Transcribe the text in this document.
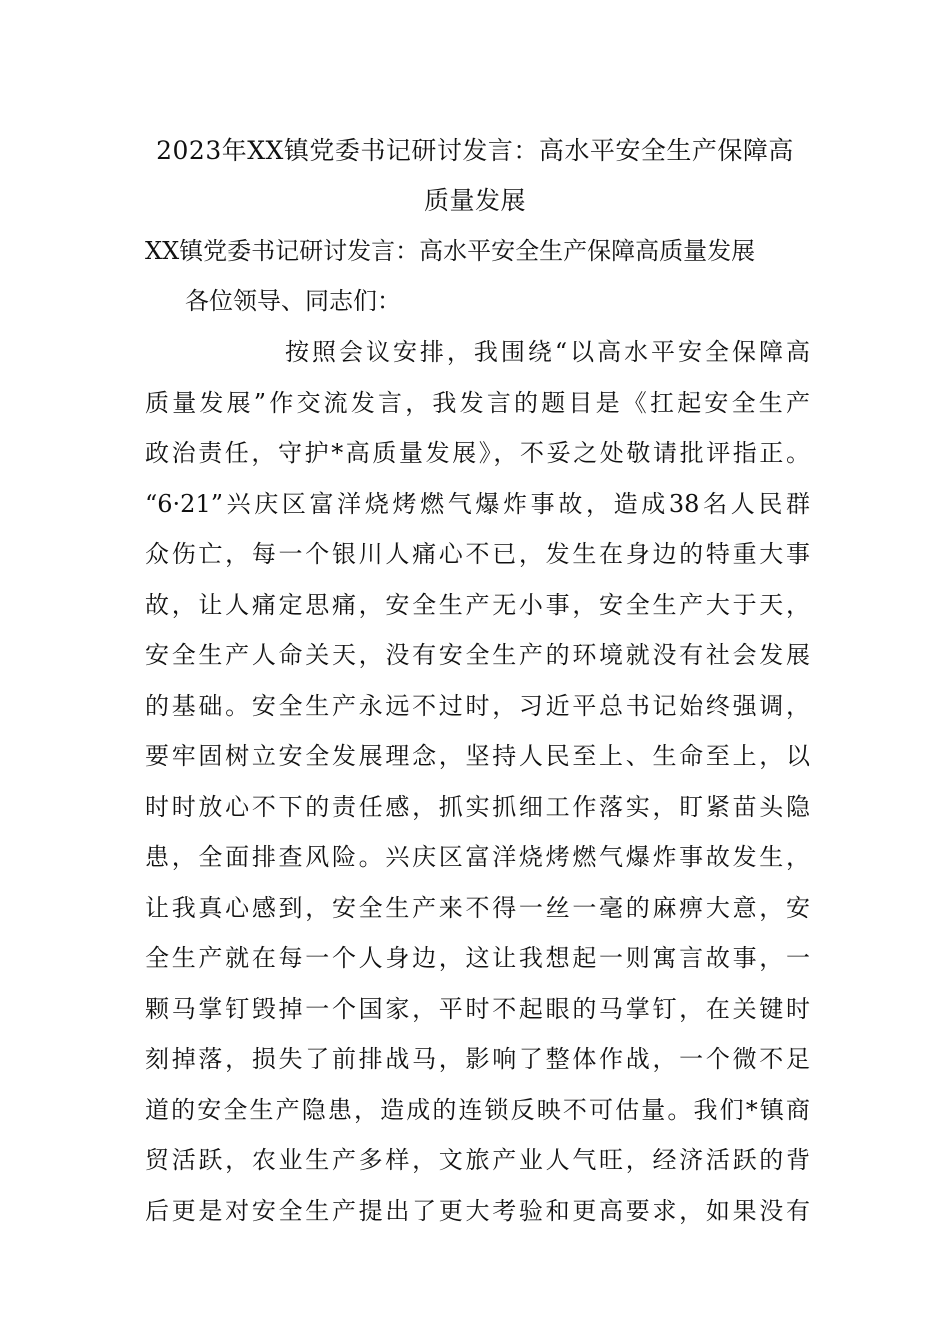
2023年XX镇党委书记研讨发言：高水平安全生产保障高
质量发展
XX镇党委书记研讨发言：高水平安全生产保障高质量发展
各位领导、同志们：
按照会议安排，我围绕“以高水平安全保障高
质量发展”作交流发言，我发言的题目是《扛起安全生产
政治责任，守护*高质量发展》，不妥之处敬请批评指正。
“6·21”兴庆区富洋烧烤燃气爆炸事故，造成38名人民群
众伤亡，每一个银川人痛心不已，发生在身边的特重大事
故，让人痛定思痛，安全生产无小事，安全生产大于天，
安全生产人命关天，没有安全生产的环境就没有社会发展
的基础。安全生产永远不过时，习近平总书记始终强调，
要牢固树立安全发展理念，坚持人民至上、生命至上，以
时时放心不下的责任感，抓实抓细工作落实，盯紧苗头隐
患，全面排查风险。兴庆区富洋烧烤燃气爆炸事故发生，
让我真心感到，安全生产来不得一丝一毫的麻痹大意，安
全生产就在每一个人身边，这让我想起一则寓言故事，一
颗马掌钉毁掉一个国家，平时不起眼的马掌钉，在关键时
刻掉落，损失了前排战马，影响了整体作战，一个微不足
道的安全生产隐患，造成的连锁反映不可估量。我们*镇商
贸活跃，农业生产多样，文旅产业人气旺，经济活跃的背
后更是对安全生产提出了更大考验和更高要求，如果没有
